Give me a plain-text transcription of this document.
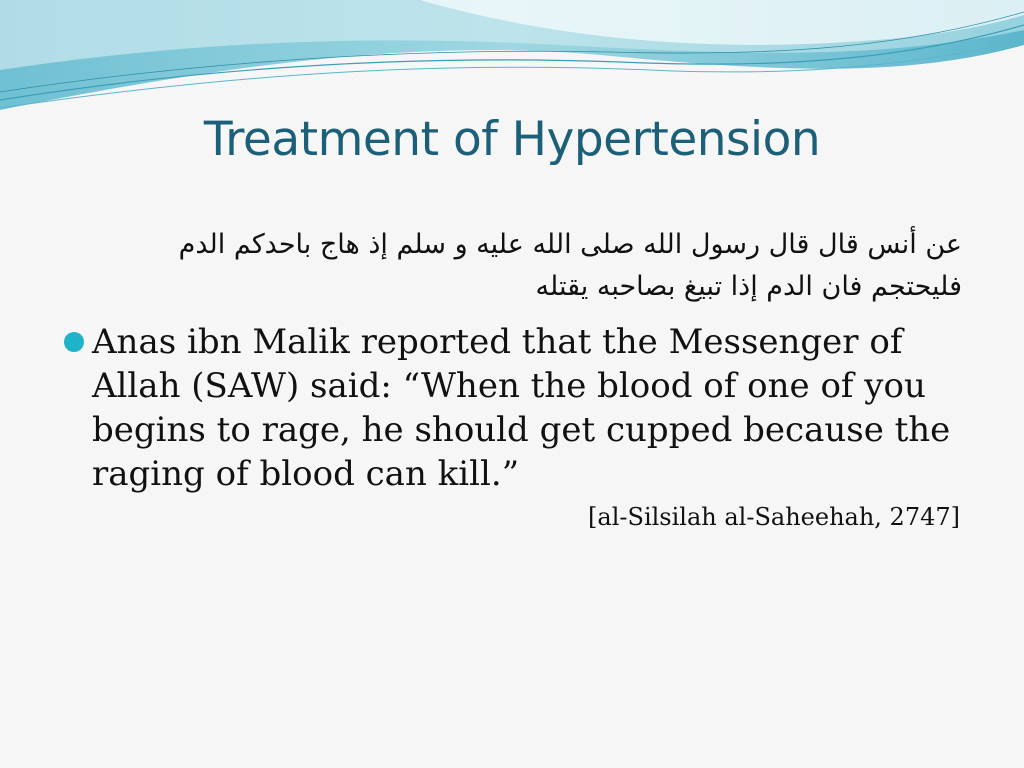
Treatment of Hypertension
عن أنس قال قال رسول الله صلى الله عليه و سلم إذ هاج باحدكم الدم فليحتجم فان الدم إذا تبيغ بصاحبه يقتله
Anas ibn Malik reported that the Messenger of Allah (SAW) said: “When the blood of one of you begins to rage, he should get cupped because the raging of blood can kill.”
[al-Silsilah al-Saheehah, 2747]
